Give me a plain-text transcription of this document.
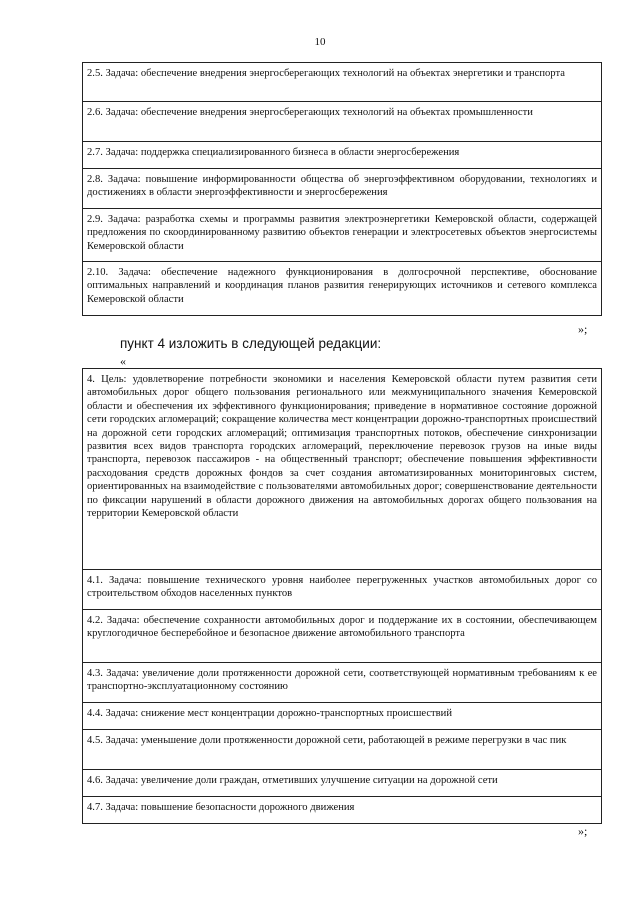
10
2.5. Задача: обеспечение внедрения энергосберегающих технологий на объектах энергетики и транспорта
2.6. Задача: обеспечение внедрения энергосберегающих технологий на объектах промышленности
2.7. Задача: поддержка специализированного бизнеса в области энергосбережения
2.8. Задача: повышение информированности общества об энергоэффективном оборудовании, технологиях и достижениях в области энергоэффективности и энергосбережения
2.9. Задача: разработка схемы и программы развития электроэнергетики Кемеровской области, содержащей предложения по скоординированному развитию объектов генерации и электросетевых объектов энергосистемы Кемеровской области
2.10. Задача: обеспечение надежного функционирования в долгосрочной перспективе, обоснование оптимальных направлений и координация планов развития генерирующих источников и сетевого комплекса Кемеровской области
»;
пункт 4 изложить в следующей редакции:
«
4. Цель: удовлетворение потребности экономики и населения Кемеровской области путем развития сети автомобильных дорог общего пользования регионального или межмуниципального значения Кемеровской области и обеспечения их эффективного функционирования; приведение в нормативное состояние дорожной сети городских агломераций; сокращение количества мест концентрации дорожно-транспортных происшествий на дорожной сети городских агломераций; оптимизация транспортных потоков, обеспечение синхронизации развития всех видов транспорта городских агломераций, переключение перевозок грузов на иные виды транспорта, перевозок пассажиров - на общественный транспорт; обеспечение повышения эффективности расходования средств дорожных фондов за счет создания автоматизированных мониторинговых систем, ориентированных на взаимодействие с пользователями автомобильных дорог; совершенствование деятельности по фиксации нарушений в области дорожного движения на автомобильных дорогах общего пользования на территории Кемеровской области
4.1. Задача: повышение технического уровня наиболее перегруженных участков автомобильных дорог со строительством обходов населенных пунктов
4.2. Задача: обеспечение сохранности автомобильных дорог и поддержание их в состоянии, обеспечивающем круглогодичное бесперебойное и безопасное движение автомобильного транспорта
4.3. Задача: увеличение доли протяженности дорожной сети, соответствующей нормативным требованиям к ее транспортно-эксплуатационному состоянию
4.4. Задача: снижение мест концентрации дорожно-транспортных происшествий
4.5. Задача: уменьшение доли протяженности дорожной сети, работающей в режиме перегрузки в час пик
4.6. Задача: увеличение доли граждан, отметивших улучшение ситуации на дорожной сети
4.7. Задача: повышение безопасности дорожного движения
»;
